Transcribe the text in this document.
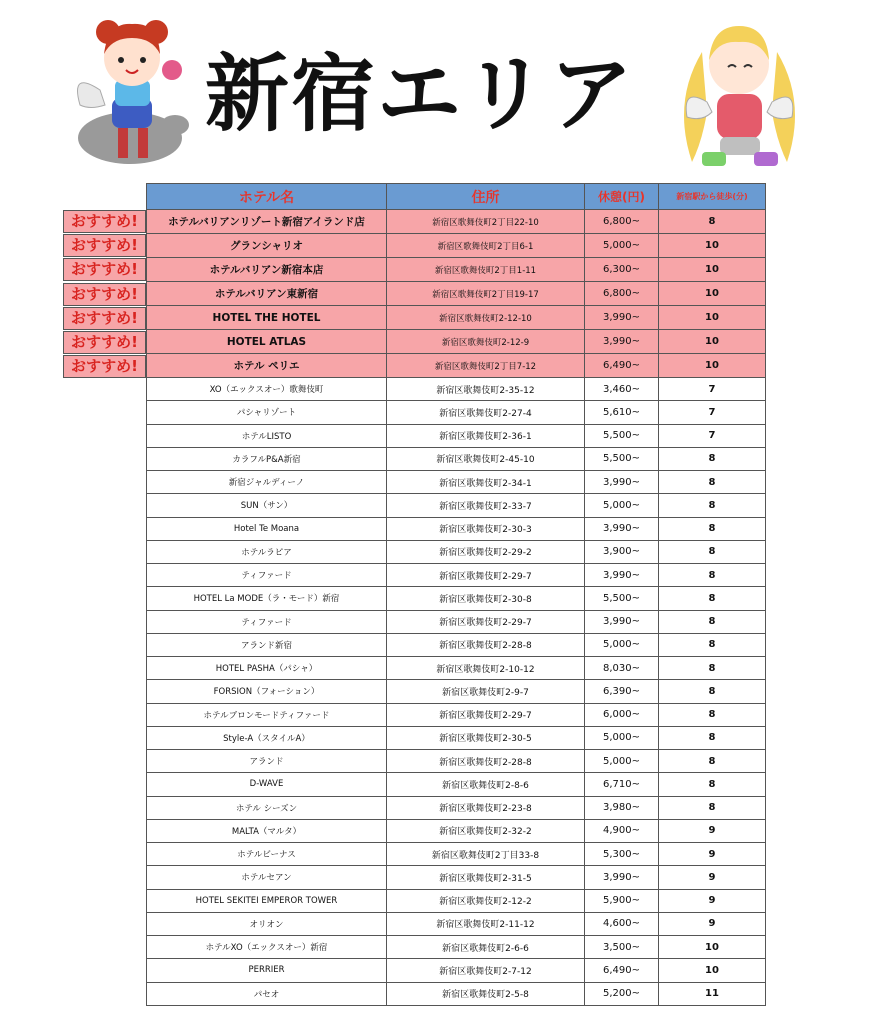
新宿エリア
おすすめ!
おすすめ!
おすすめ!
おすすめ!
おすすめ!
おすすめ!
おすすめ!
ホテル名	住所	休憩(円)	新宿駅から徒歩(分)
ホテルバリアンリゾート新宿アイランド店	新宿区歌舞伎町2丁目22-10	6,800~	8
グランシャリオ	新宿区歌舞伎町2丁目6-1	5,000~	10
ホテルバリアン新宿本店	新宿区歌舞伎町2丁目1-11	6,300~	10
ホテルバリアン東新宿	新宿区歌舞伎町2丁目19-17	6,800~	10
HOTEL THE HOTEL	新宿区歌舞伎町2-12-10	3,990~	10
HOTEL ATLAS	新宿区歌舞伎町2-12-9	3,990~	10
ホテル ペリエ	新宿区歌舞伎町2丁目7-12	6,490~	10
XO（エックスオー）歌舞伎町	新宿区歌舞伎町2-35-12	3,460~	7
パシャリゾート	新宿区歌舞伎町2-27-4	5,610~	7
ホテルLISTO	新宿区歌舞伎町2-36-1	5,500~	7
カラフルP&A新宿	新宿区歌舞伎町2-45-10	5,500~	8
新宿ジャルディーノ	新宿区歌舞伎町2-34-1	3,990~	8
SUN（サン）	新宿区歌舞伎町2-33-7	5,000~	8
Hotel Te Moana	新宿区歌舞伎町2-30-3	3,990~	8
ホテルラピア	新宿区歌舞伎町2-29-2	3,900~	8
ティファード	新宿区歌舞伎町2-29-7	3,990~	8
HOTEL La MODE（ラ・モード）新宿	新宿区歌舞伎町2-30-8	5,500~	8
ティファード	新宿区歌舞伎町2-29-7	3,990~	8
アランド新宿	新宿区歌舞伎町2-28-8	5,000~	8
HOTEL PASHA（パシャ）	新宿区歌舞伎町2-10-12	8,030~	8
FORSION（フォーション）	新宿区歌舞伎町2-9-7	6,390~	8
ホテルブロンモードティファード	新宿区歌舞伎町2-29-7	6,000~	8
Style-A（スタイルA）	新宿区歌舞伎町2-30-5	5,000~	8
アランド	新宿区歌舞伎町2-28-8	5,000~	8
D-WAVE	新宿区歌舞伎町2-8-6	6,710~	8
ホテル シーズン	新宿区歌舞伎町2-23-8	3,980~	8
MALTA（マルタ）	新宿区歌舞伎町2-32-2	4,900~	9
ホテルビーナス	新宿区歌舞伎町2丁目33-8	5,300~	9
ホテルセアン	新宿区歌舞伎町2-31-5	3,990~	9
HOTEL SEKITEI EMPEROR TOWER	新宿区歌舞伎町2-12-2	5,900~	9
オリオン	新宿区歌舞伎町2-11-12	4,600~	9
ホテルXO（エックスオー）新宿	新宿区歌舞伎町2-6-6	3,500~	10
PERRIER	新宿区歌舞伎町2-7-12	6,490~	10
パセオ	新宿区歌舞伎町2-5-8	5,200~	11
